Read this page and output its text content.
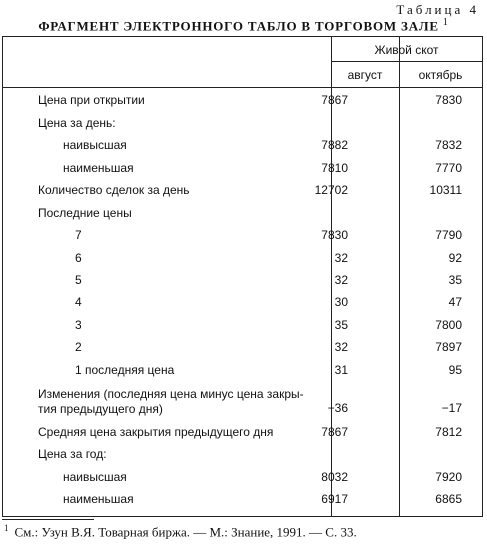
Таблица 4
ФРАГМЕНТ ЭЛЕКТРОННОГО ТАБЛО В ТОРГОВОМ ЗАЛЕ $^1$
Живой скот
август	октябрь
Цена при открытии	7867	7830
Цена за день:
наивысшая	7882	7832
наименьшая	7810	7770
Количество сделок за день	12702	10311
Последние цены
7	7830	7790
6	32	92
5	32	35
4	30	47
3	35	7800
2	32	7897
1 последняя цена	31	95
Изменения (последняя цена минус цена закры-
тия предыдущего дня)	−36	−17
Средняя цена закрытия предыдущего дня	7867	7812
Цена за год:
наивысшая	8032	7920
наименьшая	6917	6865
$^1$ См.: Узун В.Я. Товарная биржа. — М.: Знание, 1991. — С. 33.
